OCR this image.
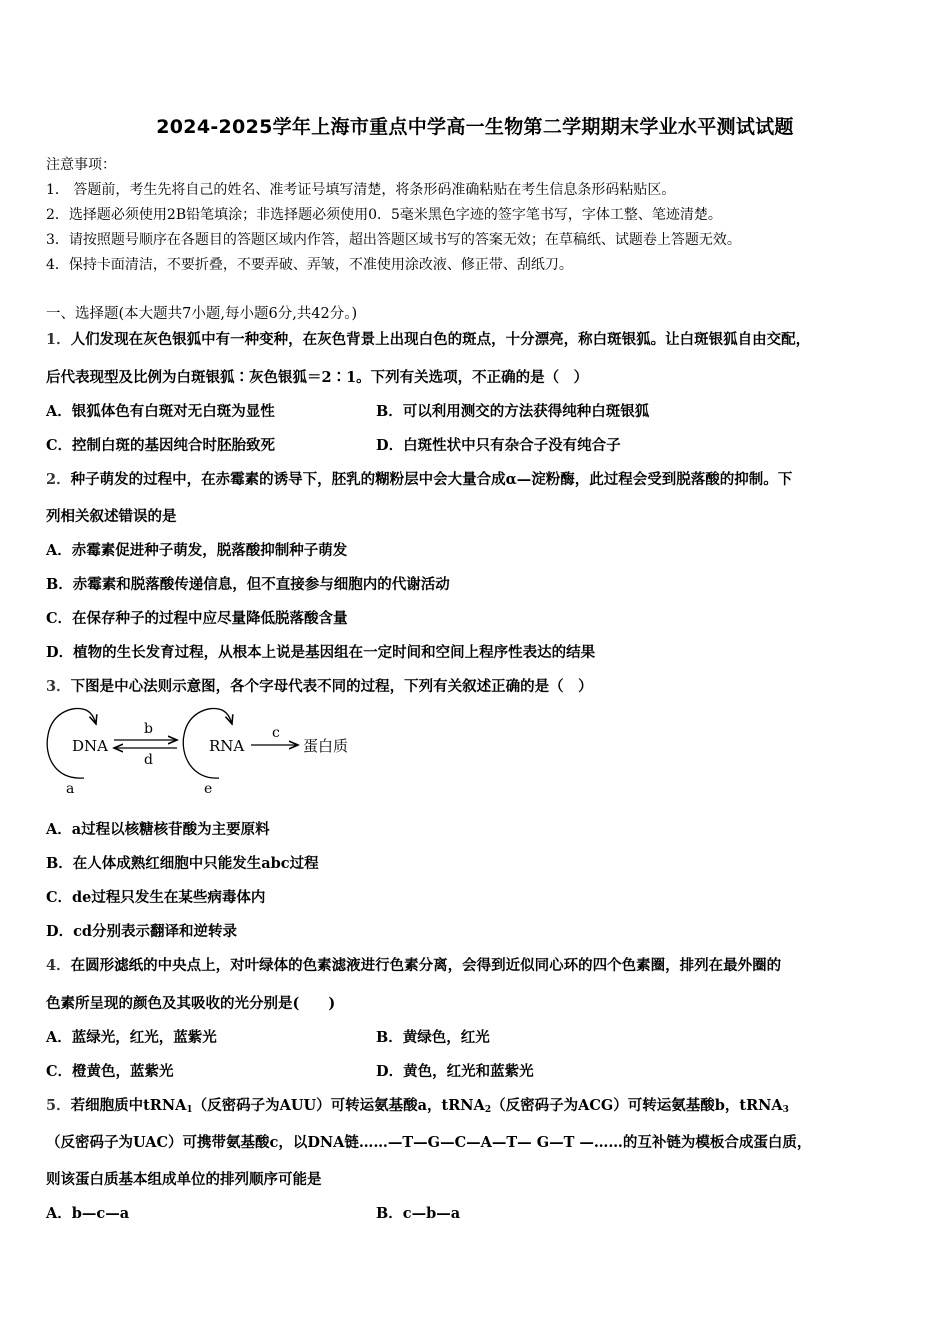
2024-2025学年上海市重点中学高一生物第二学期期末学业水平测试试题
注意事项：
1． 答题前，考生先将自己的姓名、准考证号填写清楚，将条形码准确粘贴在考生信息条形码粘贴区。
2．选择题必须使用2B铅笔填涂；非选择题必须使用0．5毫米黑色字迹的签字笔书写，字体工整、笔迹清楚。
3．请按照题号顺序在各题目的答题区域内作答，超出答题区域书写的答案无效；在草稿纸、试题卷上答题无效。
4．保持卡面清洁，不要折叠，不要弄破、弄皱，不准使用涂改液、修正带、刮纸刀。
一、选择题(本大题共7小题,每小题6分,共42分。)
1．人们发现在灰色银狐中有一种变种，在灰色背景上出现白色的斑点，十分漂亮，称白斑银狐。让白斑银狐自由交配，
后代表现型及比例为白斑银狐∶灰色银狐＝2∶1。下列有关选项，不正确的是（　）
A．银狐体色有白斑对无白斑为显性	B．可以利用测交的方法获得纯种白斑银狐
C．控制白斑的基因纯合时胚胎致死	D．白斑性状中只有杂合子没有纯合子
2．种子萌发的过程中，在赤霉素的诱导下，胚乳的糊粉层中会大量合成α—淀粉酶，此过程会受到脱落酸的抑制。下
列相关叙述错误的是
A．赤霉素促进种子萌发，脱落酸抑制种子萌发
B．赤霉素和脱落酸传递信息，但不直接参与细胞内的代谢活动
C．在保存种子的过程中应尽量降低脱落酸含量
D．植物的生长发育过程，从根本上说是基因组在一定时间和空间上程序性表达的结果
3．下图是中心法则示意图，各个字母代表不同的过程，下列有关叙述正确的是（　）
DNA	RNA	蛋白质
b
d
c
a	e
A．a过程以核糖核苷酸为主要原料
B．在人体成熟红细胞中只能发生abc过程
C．de过程只发生在某些病毒体内
D．cd分别表示翻译和逆转录
4．在圆形滤纸的中央点上，对叶绿体的色素滤液进行色素分离，会得到近似同心环的四个色素圈，排列在最外圈的
色素所呈现的颜色及其吸收的光分别是(　　)
A．蓝绿光，红光，蓝紫光	B．黄绿色，红光
C．橙黄色，蓝紫光	D．黄色，红光和蓝紫光
5．若细胞质中tRNA$_1$（反密码子为AUU）可转运氨基酸a，tRNA$_2$（反密码子为ACG）可转运氨基酸b，tRNA$_3$
（反密码子为UAC）可携带氨基酸c，以DNA链……—T—G—C—A—T— G—T —……的互补链为模板合成蛋白质，
则该蛋白质基本组成单位的排列顺序可能是
A．b—c—a	B．c—b—a
